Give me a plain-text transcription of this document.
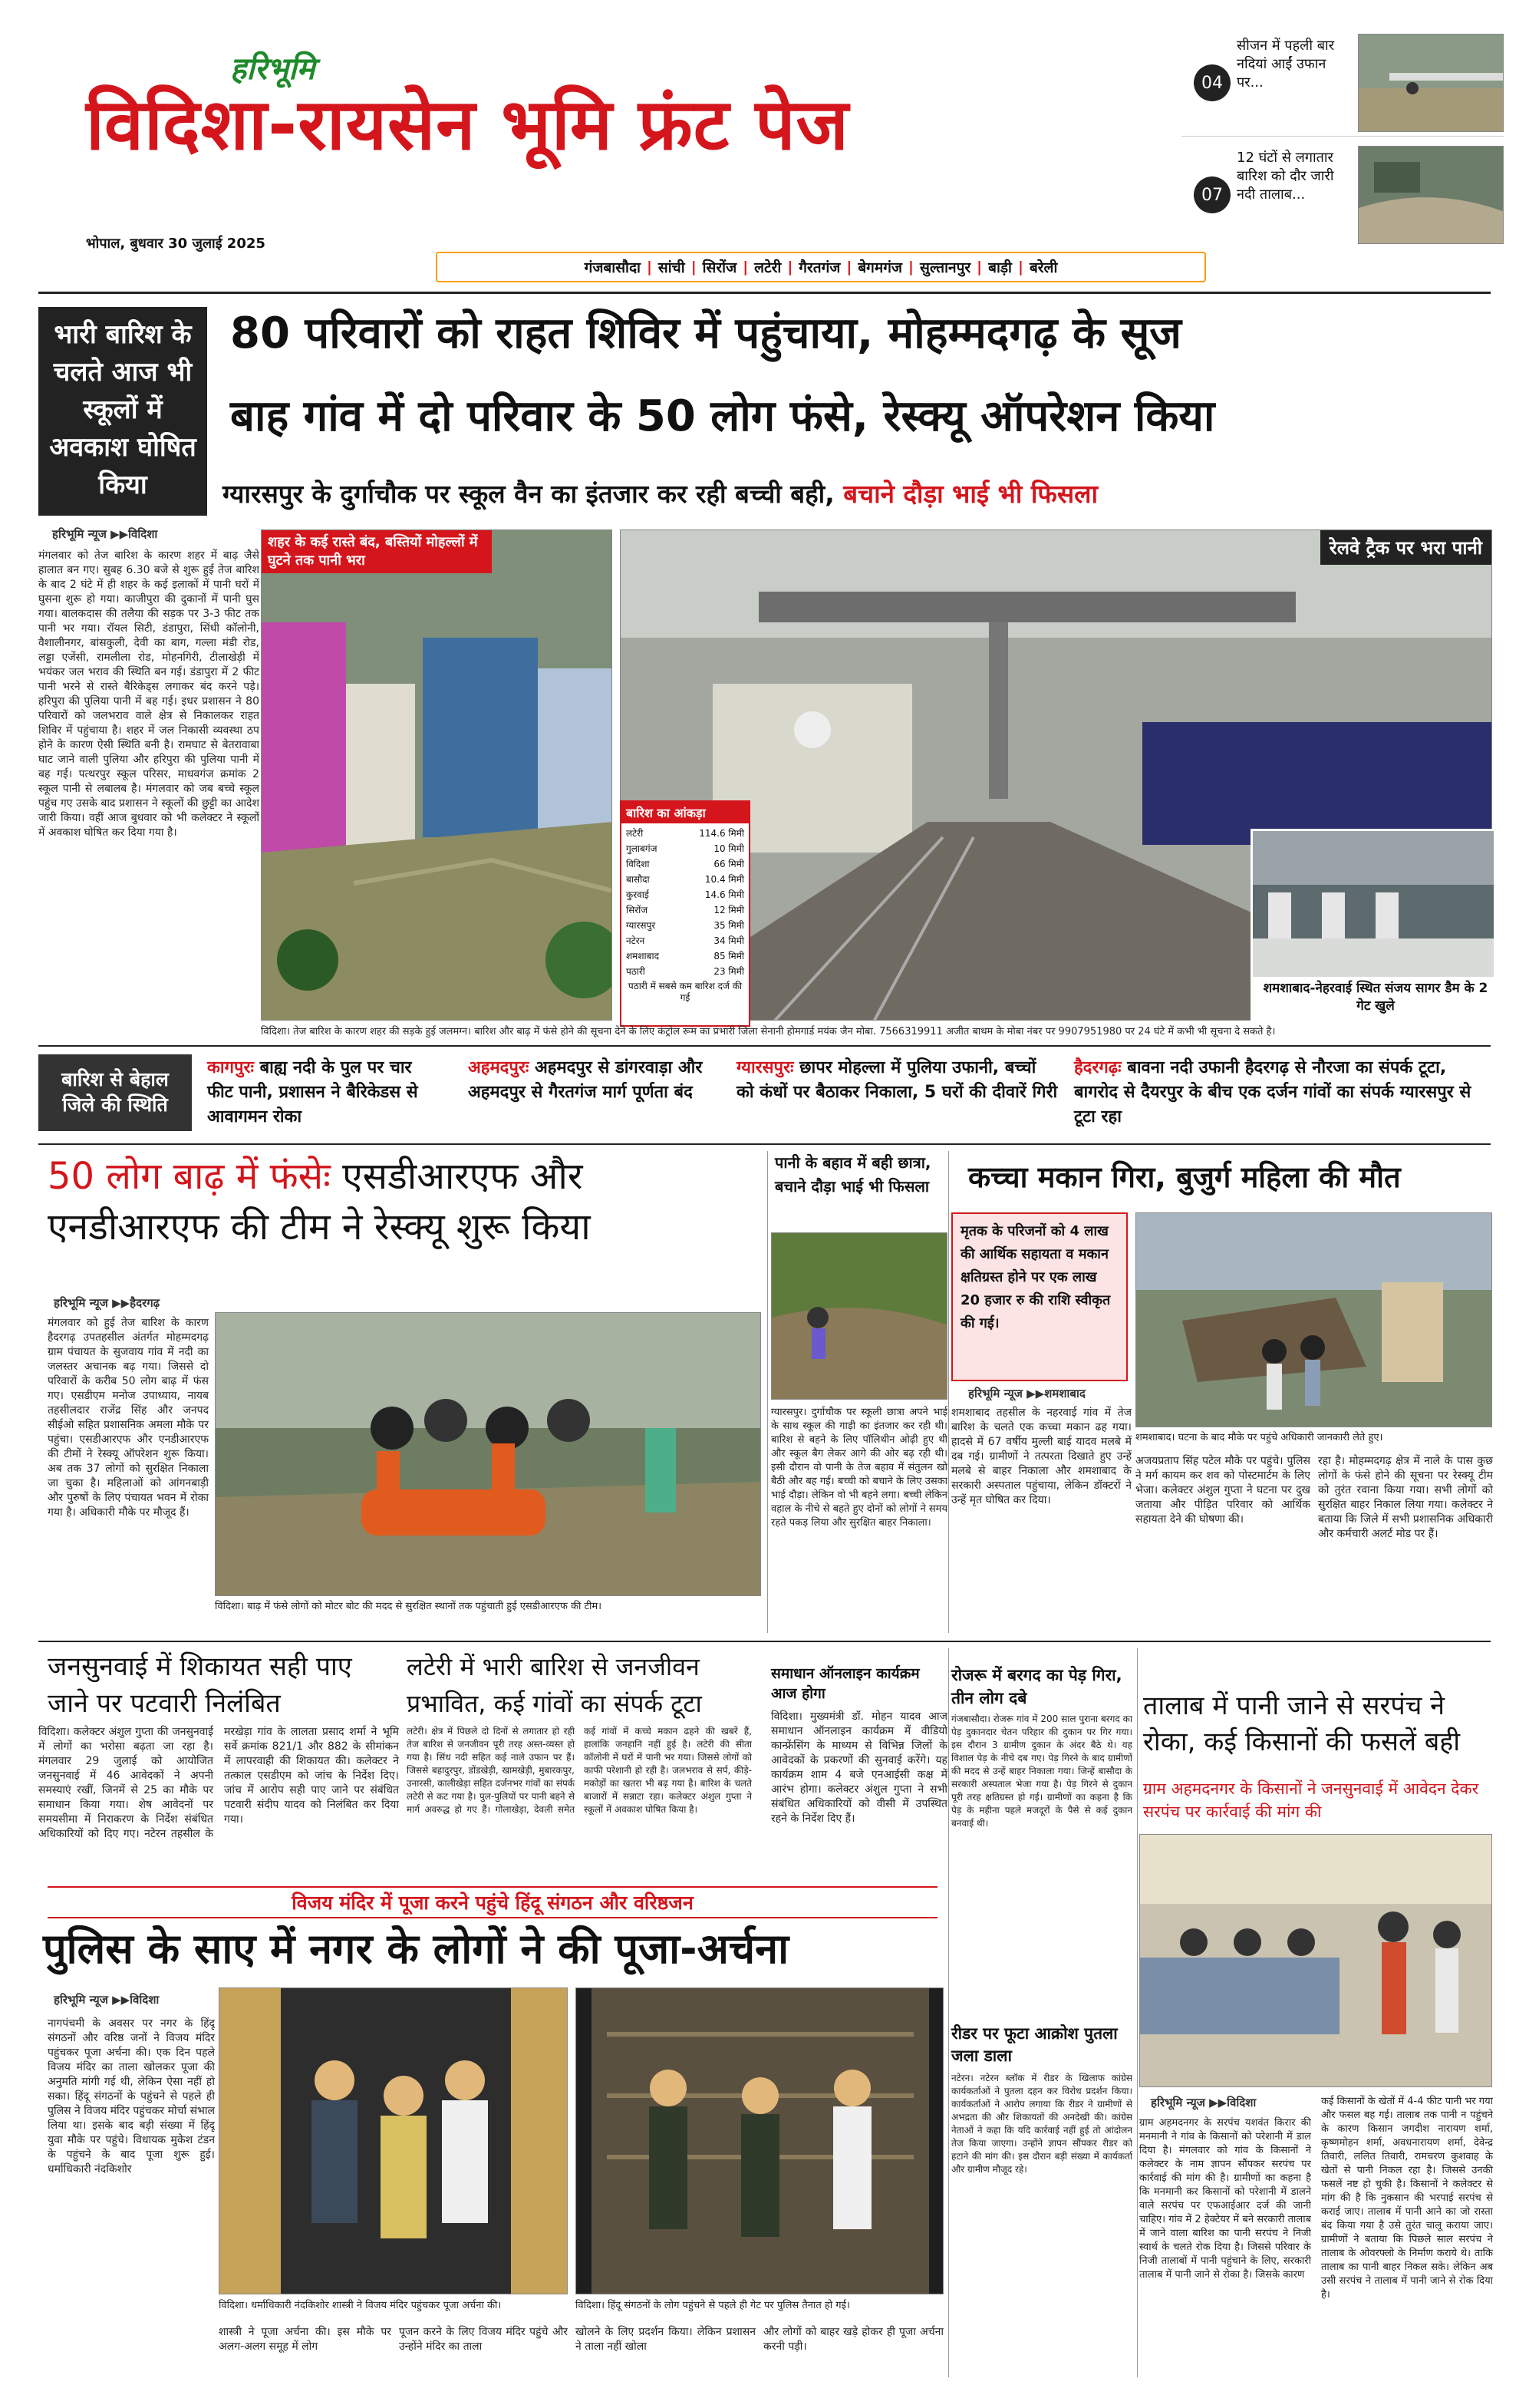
हरिभूमि
विदिशा-रायसेन भूमि फ्रंट पेज
भोपाल, बुधवार 30 जुलाई 2025
गंजबासौदा | सांची | सिरोंज | लटेरी | गैरतगंज | बेगमगंज | सुल्तानपुर | बाड़ी | बरेली
04
सीजन में पहली बार नदियां आईं उफान पर...
07
12 घंटों से लगातार बारिश को दौर जारी नदी तालाब...
भारी बारिश के चलते आज भी स्कूलों में अवकाश घोषित किया
80 परिवारों को राहत शिविर में पहुंचाया, मोहम्मदगढ़ के सूज
बाह गांव में दो परिवार के 50 लोग फंसे, रेस्क्यू ऑपरेशन किया
ग्यारसपुर के दुर्गाचौक पर स्कूल वैन का इंतजार कर रही बच्ची बही, बचाने दौड़ा भाई भी फिसला
हरिभूमि न्यूज ▶▶विदिशा
मंगलवार को तेज बारिश के कारण शहर में बाढ़ जैसे हालात बन गए। सुबह 6.30 बजे से शुरू हुई तेज बारिश के बाद 2 घंटे में ही शहर के कई इलाकों में पानी घरों में घुसना शुरू हो गया। काजीपुरा की दुकानों में पानी घुस गया। बालकदास की तलैया की सड़क पर 3-3 फीट तक पानी भर गया। रॉयल सिटी, डंडापुरा, सिंधी कॉलोनी, वैशालीनगर, बांसकुली, देवी का बाग, गल्ला मंडी रोड, लड्डा एजेंसी, रामलीला रोड, मोहनगिरी, टीलाखेड़ी में भयंकर जल भराव की स्थिति बन गई। डंडापुरा में 2 फीट पानी भरने से रास्ते बैरिकेड्स लगाकर बंद करने पड़े। हरिपुरा की पुलिया पानी में बह गई। इधर प्रशासन ने 80 परिवारों को जलभराव वाले क्षेत्र से निकालकर राहत शिविर में पहुंचाया है। शहर में जल निकासी व्यवस्था ठप होने के कारण ऐसी स्थिति बनी है। रामघाट से बेतरावाबा घाट जाने वाली पुलिया और हरिपुरा की पुलिया पानी में बह गई। पत्थरपुर स्कूल परिसर, माधवगंज क्रमांक 2 स्कूल पानी से लबालब है। मंगलवार को जब बच्चे स्कूल पहुंच गए उसके बाद प्रशासन ने स्कूलों की छुट्टी का आदेश जारी किया। वहीं आज बुधवार को भी कलेक्टर ने स्कूलों में अवकाश घोषित कर दिया गया है।
शहर के कई रास्ते बंद, बस्तियों मोहल्लों में घुटने तक पानी भरा
रेलवे ट्रैक पर भरा पानी
शमशाबाद-नेहरवाई स्थित संजय सागर डैम के 2 गेट खुले
बारिश का आंकड़ा
लटेरी	114.6 मिमी
गुलाबगंज	10 मिमी
विदिशा	66 मिमी
बासौदा	10.4 मिमी
कुरवाई	14.6 मिमी
सिरोंज	12 मिमी
ग्यारसपुर	35 मिमी
नटेरन	34 मिमी
शमशाबाद	85 मिमी
पठारी	23 मिमी
पठारी में सबसे कम बारिश दर्ज की गई
विदिशा। तेज बारिश के कारण शहर की सड़के हुई जलमग्न। बारिश और बाढ़ में फंसे होने की सूचना देने के लिए कंट्रोल रूम का प्रभारी जिला सेनानी होमगार्ड मयंक जैन मोबा. 7566319911 अजीत बाथम के मोबा नंबर पर 9907951980 पर 24 घंटे में कभी भी सूचना दे सकते है।
बारिश से बेहाल जिले की स्थिति
कागपुरः बाह्य नदी के पुल पर चार फीट पानी, प्रशासन ने बैरिकेडस से आवागमन रोका
अहमदपुरः अहमदपुर से डांगरवाड़ा और अहमदपुर से गैरतगंज मार्ग पूर्णता बंद
ग्यारसपुरः छापर मोहल्ला में पुलिया उफानी, बच्चों को कंधों पर बैठाकर निकाला, 5 घरों की दीवारें गिरी
हैदरगढ़ः बावना नदी उफानी हैदरगढ़ से नौरजा का संपर्क टूटा, बागरोद से दैयरपुर के बीच एक दर्जन गांवों का संपर्क ग्यारसपुर से टूटा रहा
50 लोग बाढ़ में फंसेः एसडीआरएफ और एनडीआरएफ की टीम ने रेस्क्यू शुरू किया
हरिभूमि न्यूज ▶▶हैदरगढ़
मंगलवार को हुई तेज बारिश के कारण हैदरगढ़ उपतहसील अंतर्गत मोहम्मदगढ़ ग्राम पंचायत के सुजवाय गांव में नदी का जलस्तर अचानक बढ़ गया। जिससे दो परिवारों के करीब 50 लोग बाढ़ में फंस गए। एसडीएम मनोज उपाध्याय, नायब तहसीलदार राजेंद्र सिंह और जनपद सीईओ सहित प्रशासनिक अमला मौके पर पहुंचा। एसडीआरएफ और एनडीआरएफ की टीमों ने रेस्क्यू ऑपरेशन शुरू किया। अब तक 37 लोगों को सुरक्षित निकाला जा चुका है। महिलाओं को आंगनबाड़ी और पुरुषों के लिए पंचायत भवन में रोका गया है। अधिकारी मौके पर मौजूद हैं।
विदिशा। बाढ़ में फंसे लोगों को मोटर बोट की मदद से सुरक्षित स्थानों तक पहुंचाती हुई एसडीआरएफ की टीम।
पानी के बहाव में बही छात्रा, बचाने दौड़ा भाई भी फिसला
ग्यारसपुर। दुर्गाचौक पर स्कूली छात्रा अपने भाई के साथ स्कूल की गाड़ी का इंतजार कर रही थी। बारिश से बहने के लिए पॉलिथीन ओढ़ी हुए थी और स्कूल बैग लेकर आगे की ओर बढ़ रही थी। इसी दौरान वो पानी के तेज बहाव में संतुलन खो बैठी और बह गई। बच्ची को बचाने के लिए उसका भाई दौड़ा। लेकिन वो भी बहने लगा। बच्ची लेकिन वहाल के नीचे से बहते हुए दोनों को लोगों ने समय रहते पकड़ लिया और सुरक्षित बाहर निकाला।
कच्चा मकान गिरा, बुजुर्ग महिला की मौत
मृतक के परिजनों को 4 लाख की आर्थिक सहायता व मकान क्षतिग्रस्त होने पर एक लाख 20 हजार रु की राशि स्वीकृत की गई।
हरिभूमि न्यूज ▶▶शमशाबाद
शमशाबाद तहसील के नहरवाई गांव में तेज बारिश के चलते एक कच्चा मकान ढह गया। हादसे में 67 वर्षीय मुल्ली बाई यादव मलबे में दब गई। ग्रामीणों ने तत्परता दिखाते हुए उन्हें मलबे से बाहर निकाला और शमशाबाद के सरकारी अस्पताल पहुंचाया, लेकिन डॉक्टरों ने उन्हें मृत घोषित कर दिया।
शमशाबाद। घटना के बाद मौके पर पहुंचे अधिकारी जानकारी लेते हुए।
अजयप्रताप सिंह पटेल मौके पर पहुंचे। पुलिस ने मर्ग कायम कर शव को पोस्टमार्टम के लिए भेजा। कलेक्टर अंशुल गुप्ता ने घटना पर दुख जताया और पीड़ित परिवार को आर्थिक सहायता देने की घोषणा की।
रहा है। मोहम्मदगढ़ क्षेत्र में नाले के पास कुछ लोगों के फंसे होने की सूचना पर रेस्क्यू टीम को तुरंत रवाना किया गया। सभी लोगों को सुरक्षित बाहर निकाल लिया गया। कलेक्टर ने बताया कि जिले में सभी प्रशासनिक अधिकारी और कर्मचारी अलर्ट मोड पर हैं।
जनसुनवाई में शिकायत सही पाए जाने पर पटवारी निलंबित
विदिशा। कलेक्टर अंशुल गुप्ता की जनसुनवाई में लोगों का भरोसा बढ़ता जा रहा है। मंगलवार 29 जुलाई को आयोजित जनसुनवाई में 46 आवेदकों ने अपनी समस्याएं रखीं, जिनमें से 25 का मौके पर समाधान किया गया। शेष आवेदनों पर समयसीमा में निराकरण के निर्देश संबंधित अधिकारियों को दिए गए। नटेरन तहसील के मरखेड़ा गांव के लालता प्रसाद शर्मा ने भूमि सर्वे क्रमांक 821/1 और 882 के सीमांकन में लापरवाही की शिकायत की। कलेक्टर ने तत्काल एसडीएम को जांच के निर्देश दिए। जांच में आरोप सही पाए जाने पर संबंधित पटवारी संदीप यादव को निलंबित कर दिया गया।
लटेरी में भारी बारिश से जनजीवन प्रभावित, कई गांवों का संपर्क टूटा
लटेरी। क्षेत्र में पिछले दो दिनों से लगातार हो रही तेज बारिश से जनजीवन पूरी तरह अस्त-व्यस्त हो गया है। सिंध नदी सहित कई नाले उफान पर हैं। जिससे बहादुरपुर, डोंडखेड़ी, खामखेड़ी, मुबारकपुर, उनारसी, कालीखेड़ा सहित दर्जनभर गांवों का संपर्क लटेरी से कट गया है। पुल-पुलियों पर पानी बहने से मार्ग अवरुद्ध हो गए हैं। गोलाखेड़ा, देवली समेत कई गांवों में कच्चे मकान ढहने की खबरें हैं, हालांकि जनहानि नहीं हुई है। लटेरी की सीता कॉलोनी में घरों में पानी भर गया। जिससे लोगों को काफी परेशानी हो रही है। जलभराव से सर्प, कीड़े-मकोड़ों का खतरा भी बढ़ गया है। बारिश के चलते बाजारों में सन्नाटा रहा। कलेक्टर अंशुल गुप्ता ने स्कूलों में अवकाश घोषित किया है।
समाधान ऑनलाइन कार्यक्रम आज होगा
विदिशा। मुख्यमंत्री डॉ. मोहन यादव आज समाधान ऑनलाइन कार्यक्रम में वीडियो कान्फ्रेंसिंग के माध्यम से विभिन्न जिलों के आवेदकों के प्रकरणों की सुनवाई करेंगे। यह कार्यक्रम शाम 4 बजे एनआईसी कक्ष में आरंभ होगा। कलेक्टर अंशुल गुप्ता ने सभी संबंधित अधिकारियों को वीसी में उपस्थित रहने के निर्देश दिए हैं।
रोजरू में बरगद का पेड़ गिरा, तीन लोग दबे
गंजबासौदा। रोजरू गांव में 200 साल पुराना बरगद का पेड़ दुकानदार चेतन परिहार की दुकान पर गिर गया। इस दौरान 3 ग्रामीण दुकान के अंदर बैठे थे। यह विशाल पेड़ के नीचे दब गए। पेड़ गिरने के बाद ग्रामीणों की मदद से उन्हें बाहर निकाला गया। जिन्हें बासौदा के सरकारी अस्पताल भेजा गया है। पेड़ गिरने से दुकान पूरी तरह क्षतिग्रस्त हो गई। ग्रामीणों का कहना है कि पेड़ के महीना पहले मजदूरों के पैसे से कई दुकान बनवाई थी।
रीडर पर फूटा आक्रोश पुतला जला डाला
नटेरन। नटेरन ब्लॉक में रीडर के खिलाफ कांग्रेस कार्यकर्ताओं ने पुतला दहन कर विरोध प्रदर्शन किया। कार्यकर्ताओं ने आरोप लगाया कि रीडर ने ग्रामीणों से अभद्रता की और शिकायतों की अनदेखी की। कांग्रेस नेताओं ने कहा कि यदि कार्रवाई नहीं हुई तो आंदोलन तेज किया जाएगा। उन्होंने ज्ञापन सौंपकर रीडर को हटाने की मांग की। इस दौरान बड़ी संख्या में कार्यकर्ता और ग्रामीण मौजूद रहे।
तालाब में पानी जाने से सरपंच ने रोका, कई किसानों की फसलें बही
ग्राम अहमदनगर के किसानों ने जनसुनवाई में आवेदन देकर सरपंच पर कार्रवाई की मांग की
हरिभूमि न्यूज ▶▶विदिशा
ग्राम अहमदनगर के सरपंच यशवंत किरार की मनमानी ने गांव के किसानों को परेशानी में डाल दिया है। मंगलवार को गांव के किसानों ने कलेक्टर के नाम ज्ञापन सौंपकर सरपंच पर कार्रवाई की मांग की है। ग्रामीणों का कहना है कि मनमानी कर किसानों को परेशानी में डालने वाले सरपंच पर एफआईआर दर्ज की जानी चाहिए। गांव में 2 हेक्टेयर में बने सरकारी तालाब में जाने वाला बारिश का पानी सरपंच ने निजी स्वार्थ के चलते रोक दिया है। जिससे परिवार के निजी तालाबों में पानी पहुंचाने के लिए, सरकारी तालाब में पानी जाने से रोका है। जिसके कारण
कई किसानों के खेतों में 4-4 फीट पानी भर गया और फसल बह गई। तालाब तक पानी न पहुंचने के कारण किसान जगदीश नारायण शर्मा, कृष्णमोहन शर्मा, अवधनारायण शर्मा, देवेन्द्र तिवारी, ललित तिवारी, रामचरण कुशवाह के खेतों से पानी निकल रहा है। जिससे उनकी फसलें नष्ट हो चुकी है। किसानों ने कलेक्टर से मांग की है कि नुकसान की भरपाई सरपंच से कराई जाए। तालाब में पानी आने का जो रास्ता बंद किया गया है उसे तुरंत चालू कराया जाए। ग्रामीणों ने बताया कि पिछले साल सरपंच ने तालाब के ओवरफ्लो के निर्माण कराये थे। ताकि तालाब का पानी बाहर निकल सके। लेकिन अब उसी सरपंच ने तालाब में पानी जाने से रोक दिया है।
विजय मंदिर में पूजा करने पहुंचे हिंदू संगठन और वरिष्ठजन
पुलिस के साए में नगर के लोगों ने की पूजा-अर्चना
हरिभूमि न्यूज ▶▶विदिशा
नागपंचमी के अवसर पर नगर के हिंदू संगठनों और वरिष्ठ जनों ने विजय मंदिर पहुंचकर पूजा अर्चना की। एक दिन पहले विजय मंदिर का ताला खोलकर पूजा की अनुमति मांगी गई थी, लेकिन ऐसा नहीं हो सका। हिंदू संगठनों के पहुंचने से पहले ही पुलिस ने विजय मंदिर पहुंचकर मोर्चा संभाल लिया था। इसके बाद बड़ी संख्या में हिंदू युवा मौके पर पहुंचे। विधायक मुकेश टंडन के पहुंचने के बाद पूजा शुरू हुई। धर्माधिकारी नंदकिशोर
विदिशा। धर्माधिकारी नंदकिशोर शास्त्री ने विजय मंदिर पहुंचकर पूजा अर्चना की।
शास्त्री ने पूजा अर्चना की। इस मौके पर अलग-अलग समूह में लोग
पूजन करने के लिए विजय मंदिर पहुंचे और उन्होंने मंदिर का ताला
विदिशा। हिंदू संगठनों के लोग पहुंचने से पहले ही गेट पर पुलिस तैनात हो गई।
खोलने के लिए प्रदर्शन किया। लेकिन प्रशासन ने ताला नहीं खोला
और लोगों को बाहर खड़े होकर ही पूजा अर्चना करनी पड़ी।
